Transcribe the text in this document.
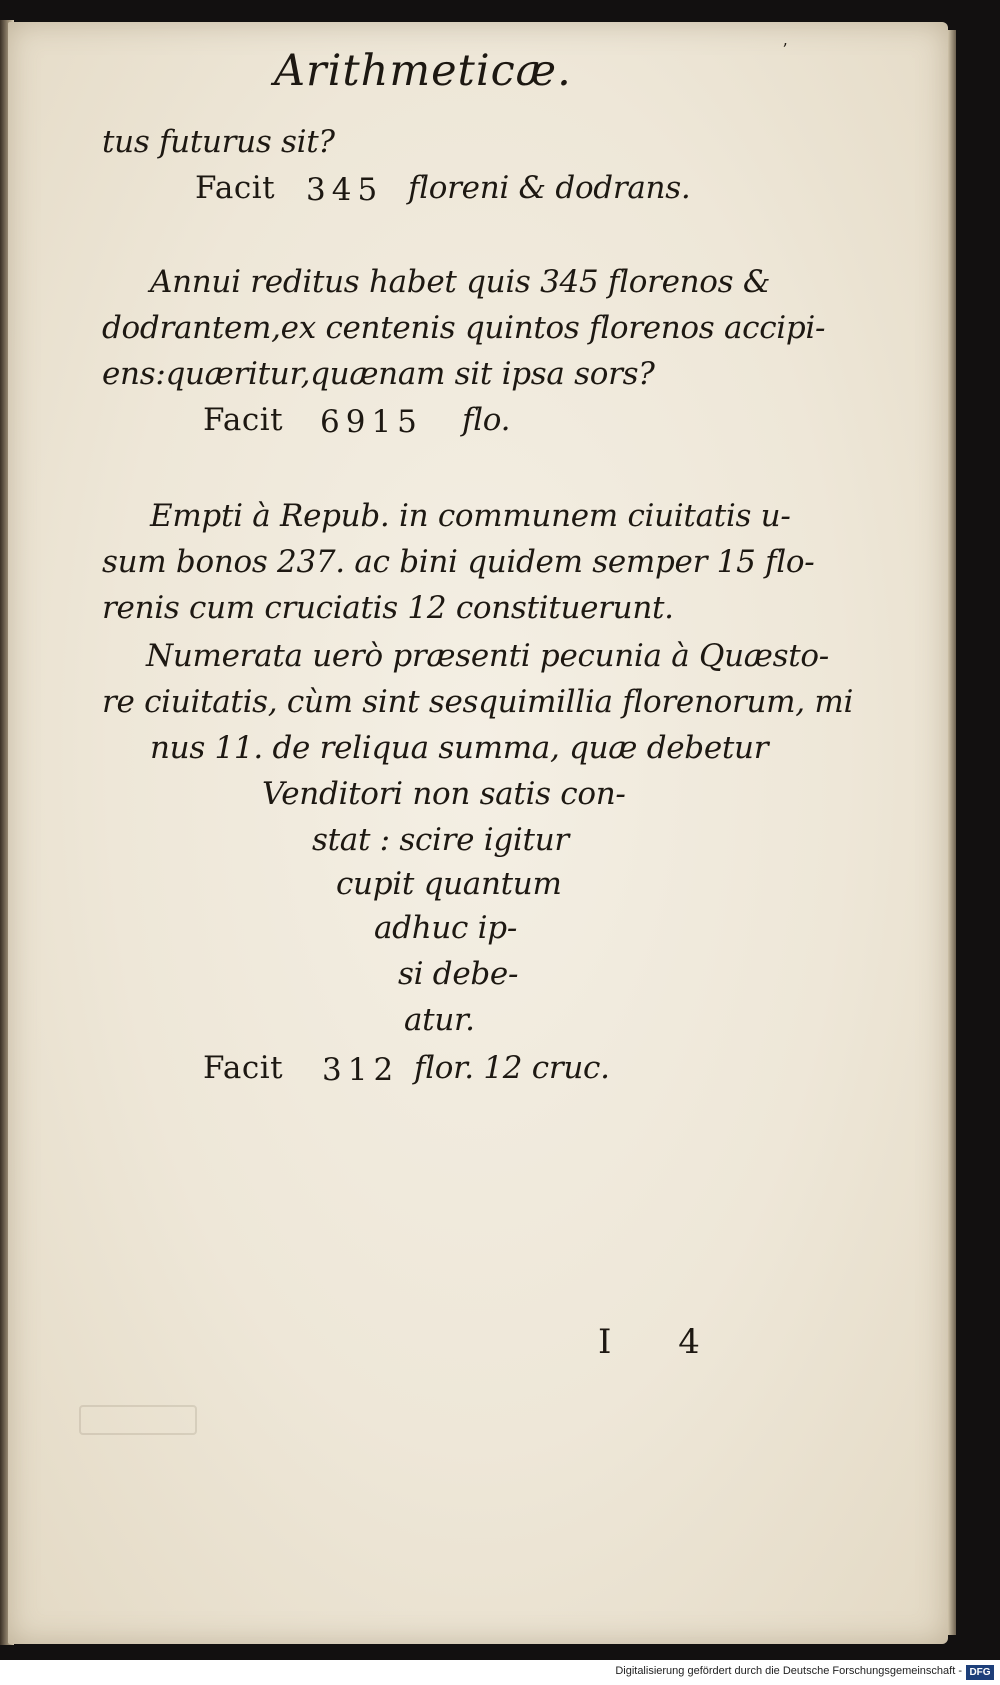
Arithmeticæ.	ʼ
tus futurus sit?
Facit 345 floreni & dodrans.
Annui reditus habet quis 345 florenos &
dodrantem,ex centenis quintos florenos accipi-
ens:quæritur,quænam sit ipsa sors?
Facit 6915 flo.
Empti à Repub. in communem ciuitatis u-
sum bonos 237. ac bini quidem semper 15 flo-
renis cum cruciatis 12 constituerunt.
Numerata uerò præsenti pecunia à Quæsto-
re ciuitatis, cùm sint sesquimillia florenorum, mi
nus 11. de reliqua summa, quæ debetur
Venditori non satis con-
stat : scire igitur
cupit quantum
adhuc ip-
si debe-
atur.
Facit 312 flor. 12 cruc.
I 4
Digitalisierung gefördert durch die Deutsche Forschungsgemeinschaft - DFG
